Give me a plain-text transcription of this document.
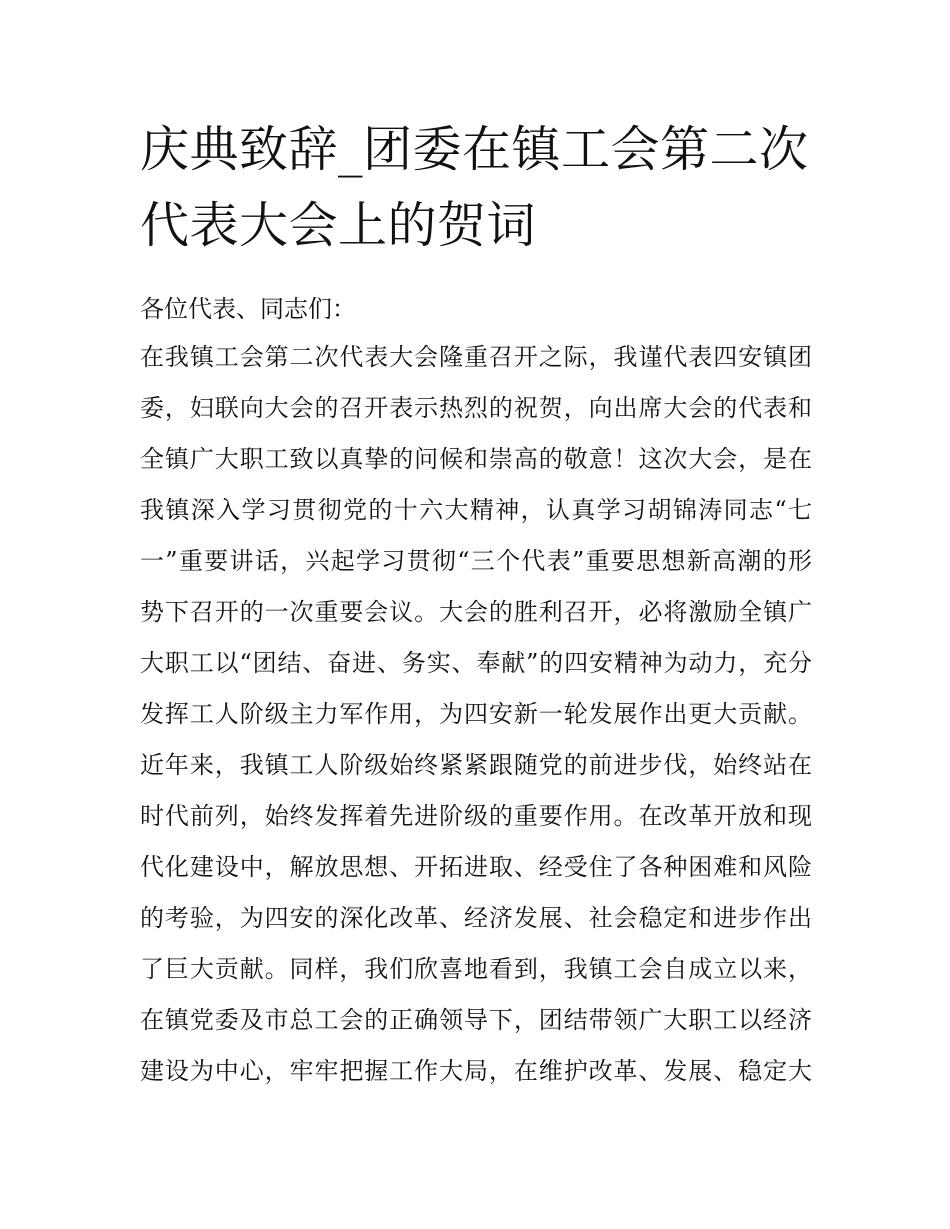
庆典致辞_团委在镇工会第二次
代表大会上的贺词
各位代表、同志们：
在我镇工会第二次代表大会隆重召开之际，我谨代表四安镇团
委，妇联向大会的召开表示热烈的祝贺，向出席大会的代表和
全镇广大职工致以真挚的问候和崇高的敬意！这次大会，是在
我镇深入学习贯彻党的十六大精神，认真学习胡锦涛同志“七
一”重要讲话，兴起学习贯彻“三个代表”重要思想新高潮的形
势下召开的一次重要会议。大会的胜利召开，必将激励全镇广
大职工以“团结、奋进、务实、奉献”的四安精神为动力，充分
发挥工人阶级主力军作用，为四安新一轮发展作出更大贡献。
近年来，我镇工人阶级始终紧紧跟随党的前进步伐，始终站在
时代前列，始终发挥着先进阶级的重要作用。在改革开放和现
代化建设中，解放思想、开拓进取、经受住了各种困难和风险
的考验，为四安的深化改革、经济发展、社会稳定和进步作出
了巨大贡献。同样，我们欣喜地看到，我镇工会自成立以来，
在镇党委及市总工会的正确领导下，团结带领广大职工以经济
建设为中心，牢牢把握工作大局，在维护改革、发展、稳定大
